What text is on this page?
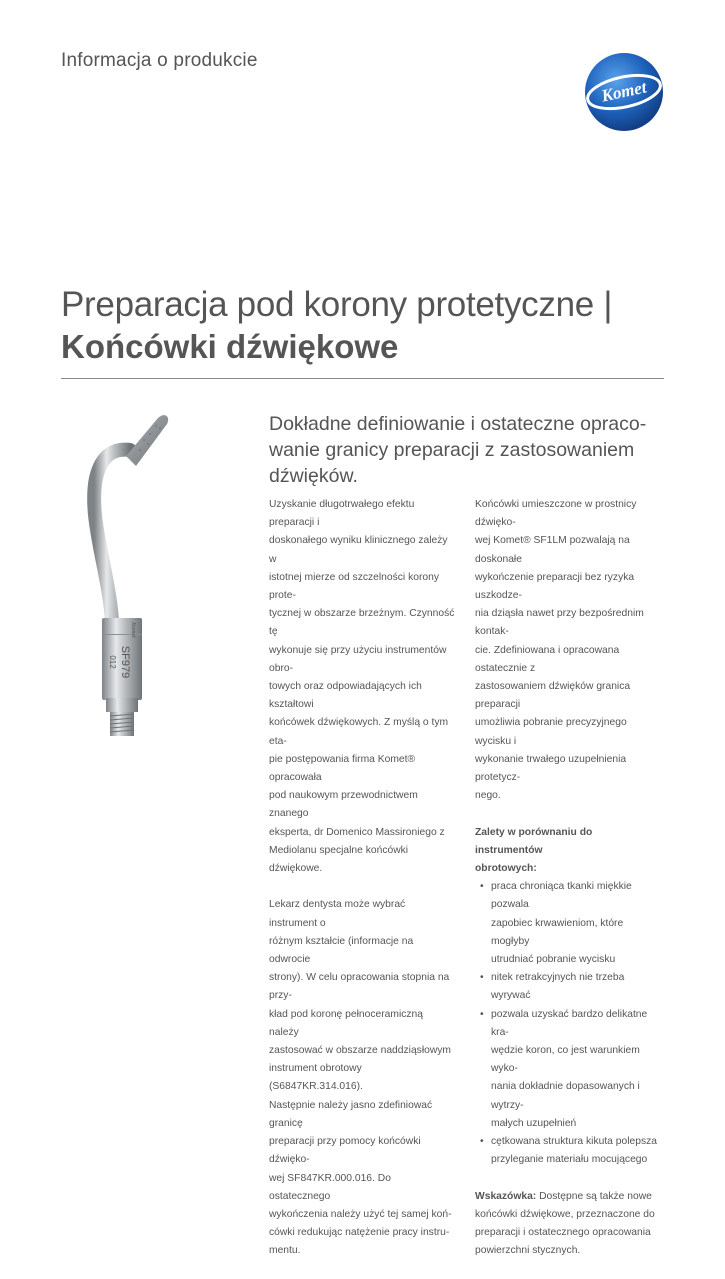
Informacja o produkcie
Komet
Preparacja pod korony protetyczne |
Końcówki dźwiękowe
SF979
012
Komet
Dokładne definiowanie i ostateczne opraco-
wanie granicy preparacji z zastosowaniem
dźwięków.

Uzyskanie długotrwałego efektu preparacji i
doskonałego wyniku klinicznego zależy w
istotnej mierze od szczelności korony prote-
tycznej w obszarze brzeżnym. Czynność tę
wykonuje się przy użyciu instrumentów obro-
towych oraz odpowiadających ich kształtowi
końcówek dźwiękowych. Z myślą o tym eta-
pie postępowania firma Komet® opracowała
pod naukowym przewodnictwem znanego
eksperta, dr Domenico Massironiego z
Mediolanu specjalne końcówki dźwiękowe.

Lekarz dentysta może wybrać instrument o
różnym kształcie (informacje na odwrocie
strony). W celu opracowania stopnia na przy-
kład pod koronę pełnoceramiczną należy
zastosować w obszarze naddziąsłowym
instrument obrotowy (S6847KR.314.016).
Następnie należy jasno zdefiniować granicę
preparacji przy pomocy końcówki dźwięko-
wej SF847KR.000.016. Do ostatecznego
wykończenia należy użyć tej samej koń-
cówki redukując natężenie pracy instru-
mentu.

Końcówki umieszczone w prostnicy dźwięko-
wej Komet® SF1LM pozwalają na doskonałe
wykończenie preparacji bez ryzyka uszkodze-
nia dziąsła nawet przy bezpośrednim kontak-
cie. Zdefiniowana i opracowana ostatecznie z
zastosowaniem dźwięków granica preparacji
umożliwia pobranie precyzyjnego wycisku i
wykonanie trwałego uzupełnienia protetycz-
nego.

Zalety w porównaniu do instrumentów
obrotowych:
• praca chroniąca tkanki miękkie pozwala
zapobiec krwawieniom, które mogłyby
utrudniać pobranie wycisku
• nitek retrakcyjnych nie trzeba wyrywać
• pozwala uzyskać bardzo delikatne kra-
wędzie koron, co jest warunkiem wyko-
nania dokładnie dopasowanych i wytrzy-
małych uzupełnień
• cętkowana struktura kikuta polepsza
przyleganie materiału mocującego

Wskazówka: Dostępne są także nowe
końcówki dźwiękowe, przeznaczone do
preparacji i ostatecznego opracowania
powierzchni stycznych.
